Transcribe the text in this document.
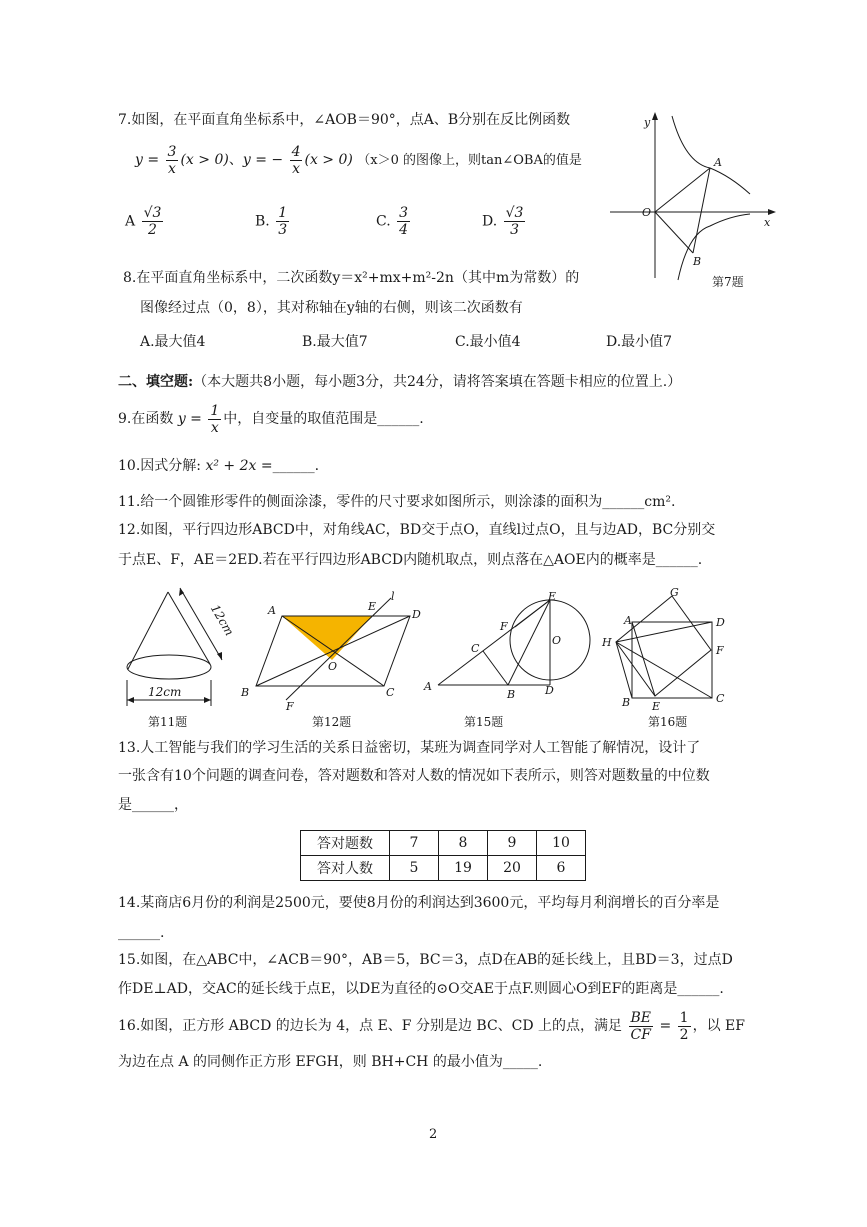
7.如图，在平面直角坐标系中，∠AOB＝90°，点A、B分别在反比例函数
$y = \frac{3}{x} (x > 0)$、y = − $\frac{4}{x} (x > 0)$ （x＞0 的图像上，则tan∠OBA的值是
A $\frac{√3}{2}$	B. $\frac{1}{3}$	C. $\frac{3}{4}$	D. $\frac{√3}{3}$
y
x
O
A
B
第7题
8.在平面直角坐标系中，二次函数y＝x²+mx+m²-2n（其中m为常数）的
图像经过点（0，8），其对称轴在y轴的右侧，则该二次函数有
A.最大值4	B.最大值7	C.最小值4	D.最小值7
二、填空题:（本大题共8小题，每小题3分，共24分，请将答案填在答题卡相应的位置上.）
9.在函数 $y = \frac{1}{x}$ 中，自变量的取值范围是______.
10.因式分解: x² + 2x =______.
11.给一个圆锥形零件的侧面涂漆，零件的尺寸要求如图所示，则涂漆的面积为______cm².
12.如图，平行四边形ABCD中，对角线AC，BD交于点O，直线l过点O，且与边AD，BC分别交
于点E、F，AE＝2ED.若在平行四边形ABCD内随机取点，则点落在△AOE内的概率是______.
12cm
12cm
第11题
A	E
l
D
O
B
F
C
第12题
E
F
C
O
A
B	D
第15题
G
A	D
H
F
B E
C
第16题
13.人工智能与我们的学习生活的关系日益密切，某班为调查同学对人工智能了解情况，设计了
一张含有10个问题的调查问卷，答对题数和答对人数的情况如下表所示，则答对题数量的中位数
是______，
答对题数	7	8	9	10
答对人数	5	19	20	6
14.某商店6月份的利润是2500元，要使8月份的利润达到3600元，平均每月利润增长的百分率是
______.
15.如图，在△ABC中，∠ACB＝90°，AB＝5，BC＝3，点D在AB的延长线上，且BD＝3，过点D
作DE⊥AD，交AC的延长线于点E，以DE为直径的⊙O交AE于点F.则圆心O到EF的距离是______.
16.如图，正方形 ABCD 的边长为 4，点 E、F 分别是边 BC、CD 上的点，满足 $\frac{BE}{CF} = \frac{1}{2}$ ，以 EF
为边在点 A 的同侧作正方形 EFGH，则 BH+CH 的最小值为_____.
2
